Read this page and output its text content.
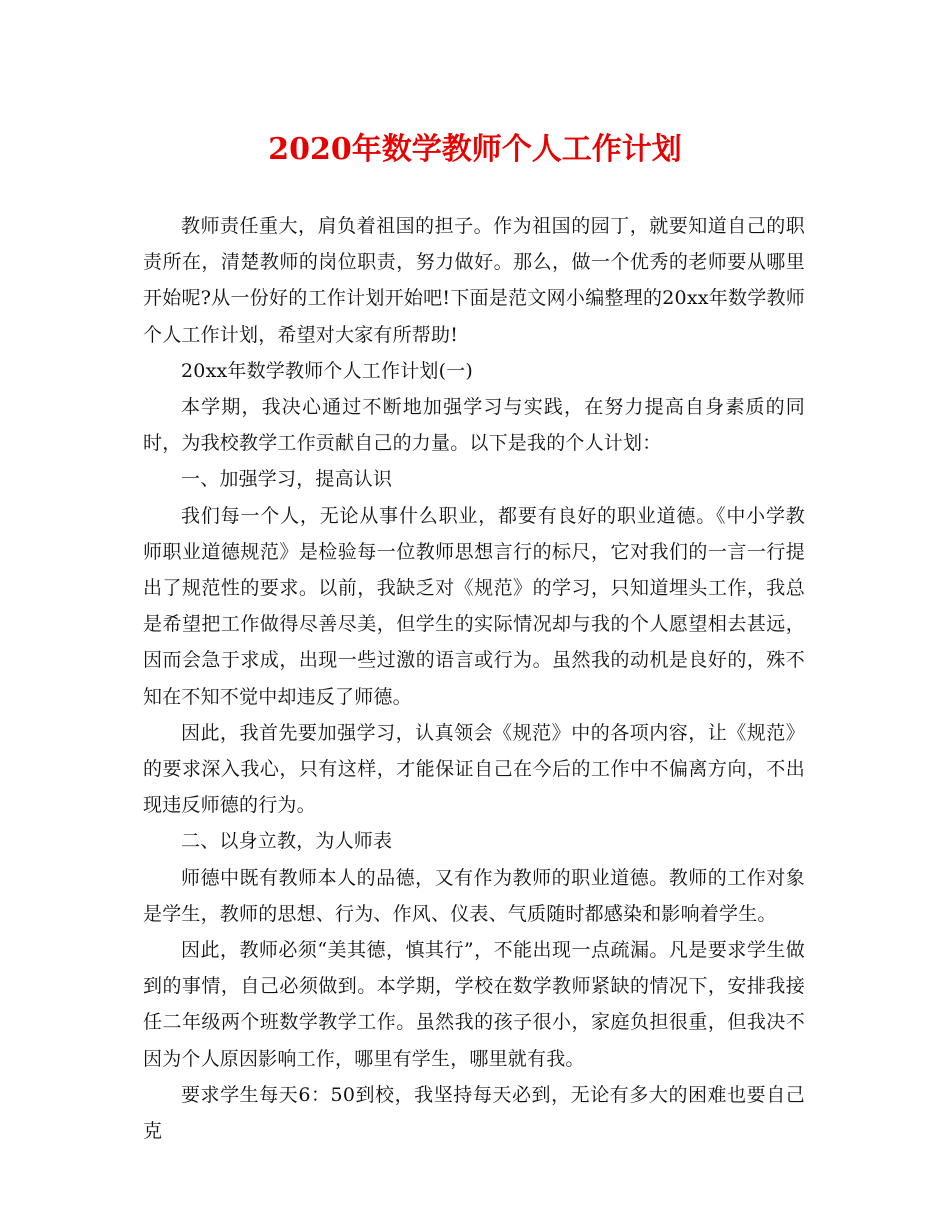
2020年数学教师个人工作计划

教师责任重大，肩负着祖国的担子。作为祖国的园丁，就要知道自己的职责所在，清楚教师的岗位职责，努力做好。那么，做一个优秀的老师要从哪里开始呢?从一份好的工作计划开始吧!下面是范文网小编整理的20xx年数学教师个人工作计划，希望对大家有所帮助!

20xx年数学教师个人工作计划(一)

本学期，我决心通过不断地加强学习与实践，在努力提高自身素质的同时，为我校教学工作贡献自己的力量。以下是我的个人计划：

一、加强学习，提高认识

我们每一个人，无论从事什么职业，都要有良好的职业道德。《中小学教师职业道德规范》是检验每一位教师思想言行的标尺，它对我们的一言一行提出了规范性的要求。以前，我缺乏对《规范》的学习，只知道埋头工作，我总是希望把工作做得尽善尽美，但学生的实际情况却与我的个人愿望相去甚远，因而会急于求成，出现一些过激的语言或行为。虽然我的动机是良好的，殊不知在不知不觉中却违反了师德。

因此，我首先要加强学习，认真领会《规范》中的各项内容，让《规范》的要求深入我心，只有这样，才能保证自己在今后的工作中不偏离方向，不出现违反师德的行为。

二、以身立教，为人师表

师德中既有教师本人的品德，又有作为教师的职业道德。教师的工作对象是学生，教师的思想、行为、作风、仪表、气质随时都感染和影响着学生。

因此，教师必须“美其德，慎其行”，不能出现一点疏漏。凡是要求学生做到的事情，自己必须做到。本学期，学校在数学教师紧缺的情况下，安排我接任二年级两个班数学教学工作。虽然我的孩子很小，家庭负担很重，但我决不因为个人原因影响工作，哪里有学生，哪里就有我。

要求学生每天6：50到校，我坚持每天必到，无论有多大的困难也要自己克
